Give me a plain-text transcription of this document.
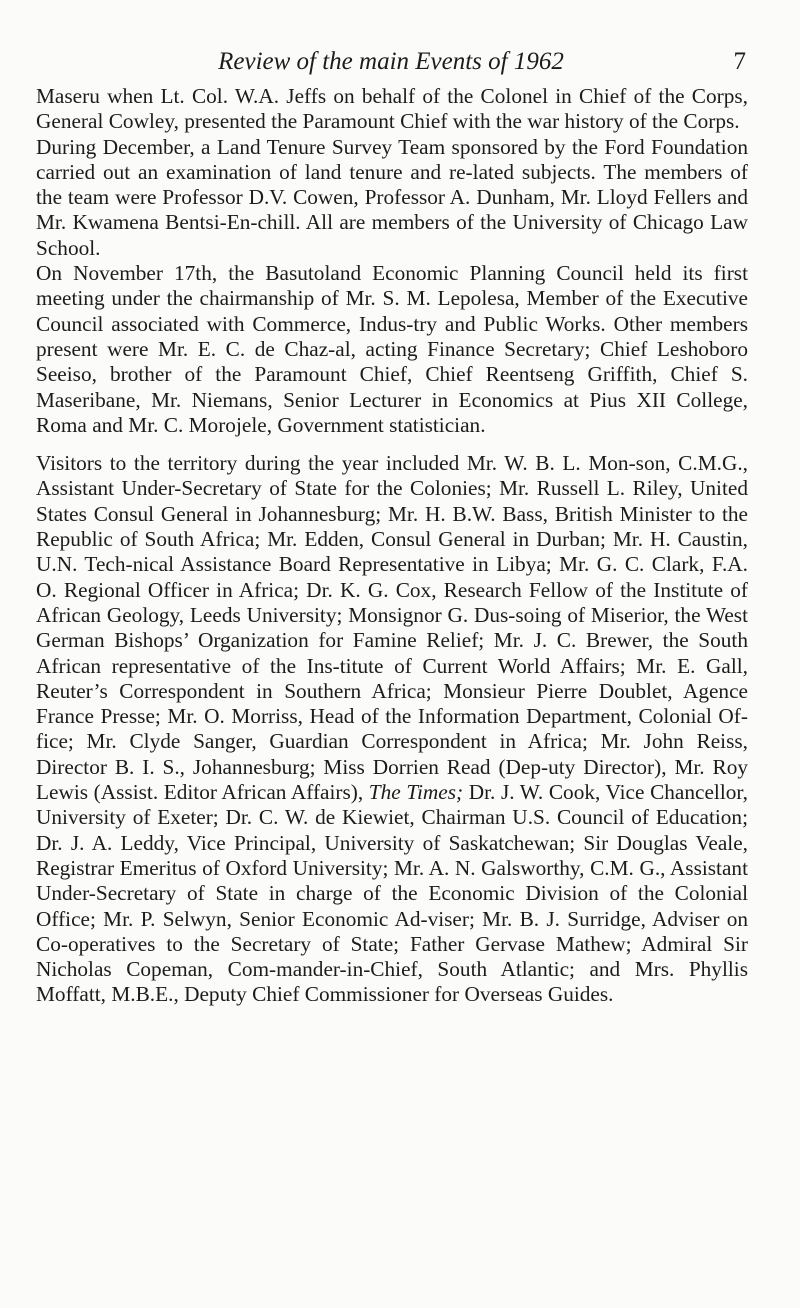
Review of the main Events of 1962	7

Maseru when Lt. Col. W.A. Jeffs on behalf of the Colonel in Chief of the Corps, General Cowley, presented the Paramount Chief with the war history of the Corps.

During December, a Land Tenure Survey Team sponsored by the Ford Foundation carried out an examination of land tenure and re-lated subjects. The members of the team were Professor D.V. Cowen, Professor A. Dunham, Mr. Lloyd Fellers and Mr. Kwamena Bentsi-En-chill. All are members of the University of Chicago Law School.

On November 17th, the Basutoland Economic Planning Council held its first meeting under the chairmanship of Mr. S. M. Lepolesa, Member of the Executive Council associated with Commerce, Indus-try and Public Works. Other members present were Mr. E. C. de Chaz-al, acting Finance Secretary; Chief Leshoboro Seeiso, brother of the Paramount Chief, Chief Reentseng Griffith, Chief S. Maseribane, Mr. Niemans, Senior Lecturer in Economics at Pius XII College, Roma and Mr. C. Morojele, Government statistician.

Visitors to the territory during the year included Mr. W. B. L. Mon-son, C.M.G., Assistant Under-Secretary of State for the Colonies; Mr. Russell L. Riley, United States Consul General in Johannesburg; Mr. H. B.W. Bass, British Minister to the Republic of South Africa; Mr. Edden, Consul General in Durban; Mr. H. Caustin, U.N. Tech-nical Assistance Board Representative in Libya; Mr. G. C. Clark, F.A. O. Regional Officer in Africa; Dr. K. G. Cox, Research Fellow of the Institute of African Geology, Leeds University; Monsignor G. Dus-soing of Miserior, the West German Bishops’ Organization for Famine Relief; Mr. J. C. Brewer, the South African representative of the Ins-titute of Current World Affairs; Mr. E. Gall, Reuter’s Correspondent in Southern Africa; Monsieur Pierre Doublet, Agence France Presse; Mr. O. Morriss, Head of the Information Department, Colonial Of-fice; Mr. Clyde Sanger, Guardian Correspondent in Africa; Mr. John Reiss, Director B. I. S., Johannesburg; Miss Dorrien Read (Dep-uty Director), Mr. Roy Lewis (Assist. Editor African Affairs), The Times; Dr. J. W. Cook, Vice Chancellor, University of Exeter; Dr. C. W. de Kiewiet, Chairman U.S. Council of Education; Dr. J. A. Leddy, Vice Principal, University of Saskatchewan; Sir Douglas Veale, Registrar Emeritus of Oxford University; Mr. A. N. Galsworthy, C.M. G., Assistant Under-Secretary of State in charge of the Economic Division of the Colonial Office; Mr. P. Selwyn, Senior Economic Ad-viser; Mr. B. J. Surridge, Adviser on Co-operatives to the Secretary of State; Father Gervase Mathew; Admiral Sir Nicholas Copeman, Com-mander-in-Chief, South Atlantic; and Mrs. Phyllis Moffatt, M.B.E., Deputy Chief Commissioner for Overseas Guides.
